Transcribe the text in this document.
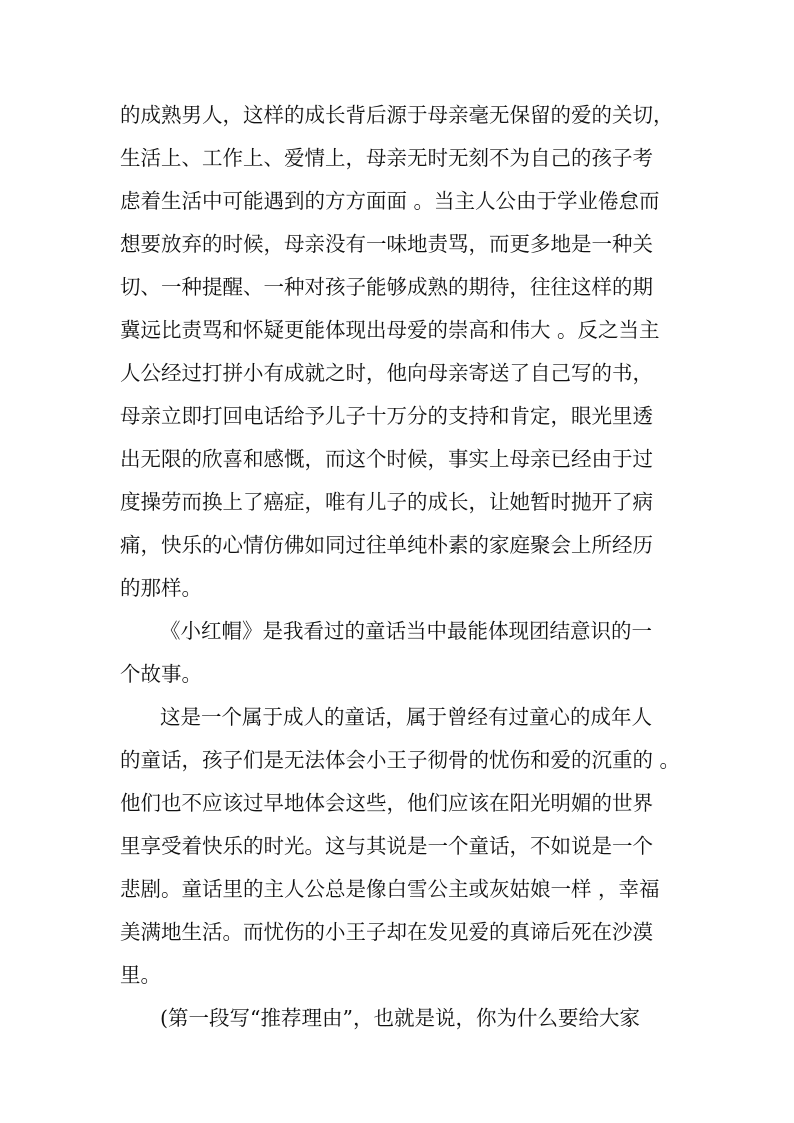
的成熟男人，这样的成长背后源于母亲毫无保留的爱的关切，
生活上、工作上、爱情上，母亲无时无刻不为自己的孩子考
虑着生活中可能遇到的方方面面 。当主人公由于学业倦怠而
想要放弃的时候，母亲没有一味地责骂，而更多地是一种关
切、一种提醒、一种对孩子能够成熟的期待，往往这样的期
冀远比责骂和怀疑更能体现出母爱的崇高和伟大 。反之当主
人公经过打拼小有成就之时，他向母亲寄送了自己写的书，
母亲立即打回电话给予儿子十万分的支持和肯定，眼光里透
出无限的欣喜和感慨，而这个时候，事实上母亲已经由于过
度操劳而换上了癌症，唯有儿子的成长，让她暂时抛开了病
痛，快乐的心情仿佛如同过往单纯朴素的家庭聚会上所经历
的那样。
《小红帽》是我看过的童话当中最能体现团结意识的一
个故事。
这是一个属于成人的童话，属于曾经有过童心的成年人
的童话，孩子们是无法体会小王子彻骨的忧伤和爱的沉重的 。
他们也不应该过早地体会这些，他们应该在阳光明媚的世界
里享受着快乐的时光。这与其说是一个童话，不如说是一个
悲剧。童话里的主人公总是像白雪公主或灰姑娘一样 ，幸福
美满地生活。而忧伤的小王子却在发见爱的真谛后死在沙漠
里。
(第一段写“推荐理由”，也就是说，你为什么要给大家
